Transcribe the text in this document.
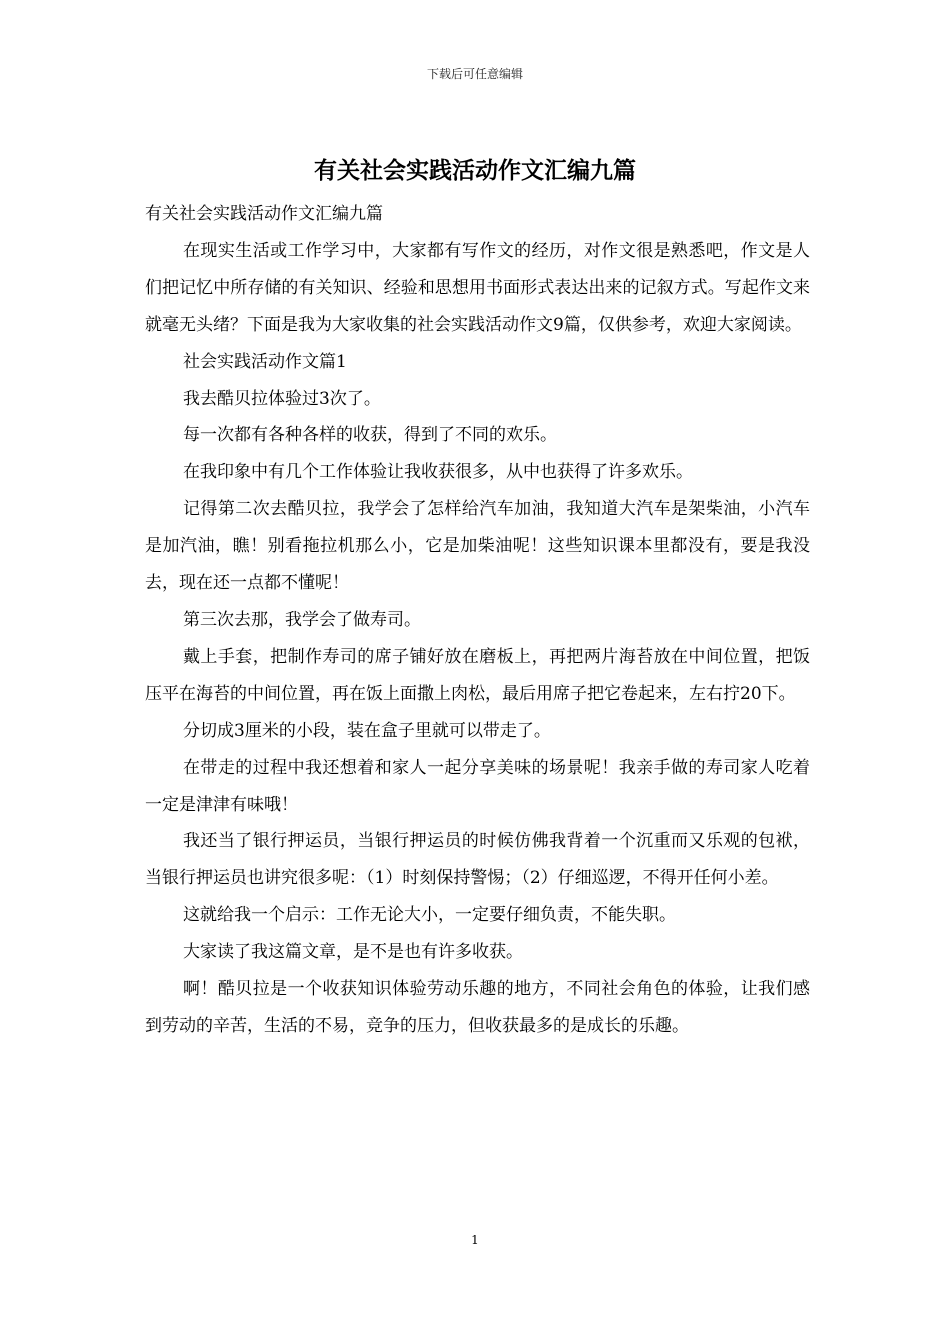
下载后可任意编辑
有关社会实践活动作文汇编九篇

有关社会实践活动作文汇编九篇

在现实生活或工作学习中，大家都有写作文的经历，对作文很是熟悉吧，作文是人们把记忆中所存储的有关知识、经验和思想用书面形式表达出来的记叙方式。写起作文来就毫无头绪？下面是我为大家收集的社会实践活动作文9篇，仅供参考，欢迎大家阅读。

社会实践活动作文篇1

我去酷贝拉体验过3次了。

每一次都有各种各样的收获，得到了不同的欢乐。

在我印象中有几个工作体验让我收获很多，从中也获得了许多欢乐。

记得第二次去酷贝拉，我学会了怎样给汽车加油，我知道大汽车是架柴油，小汽车是加汽油，瞧！别看拖拉机那么小，它是加柴油呢！这些知识课本里都没有，要是我没去，现在还一点都不懂呢！

第三次去那，我学会了做寿司。

戴上手套，把制作寿司的席子铺好放在磨板上，再把两片海苔放在中间位置，把饭压平在海苔的中间位置，再在饭上面撒上肉松，最后用席子把它卷起来，左右拧20下。

分切成3厘米的小段，装在盒子里就可以带走了。

在带走的过程中我还想着和家人一起分享美味的场景呢！我亲手做的寿司家人吃着一定是津津有味哦！

我还当了银行押运员，当银行押运员的时候仿佛我背着一个沉重而又乐观的包袱，当银行押运员也讲究很多呢：（1）时刻保持警惕；（2）仔细巡逻，不得开任何小差。

这就给我一个启示：工作无论大小，一定要仔细负责，不能失职。

大家读了我这篇文章，是不是也有许多收获。

啊！酷贝拉是一个收获知识体验劳动乐趣的地方，不同社会角色的体验，让我们感到劳动的辛苦，生活的不易，竞争的压力，但收获最多的是成长的乐趣。

1
